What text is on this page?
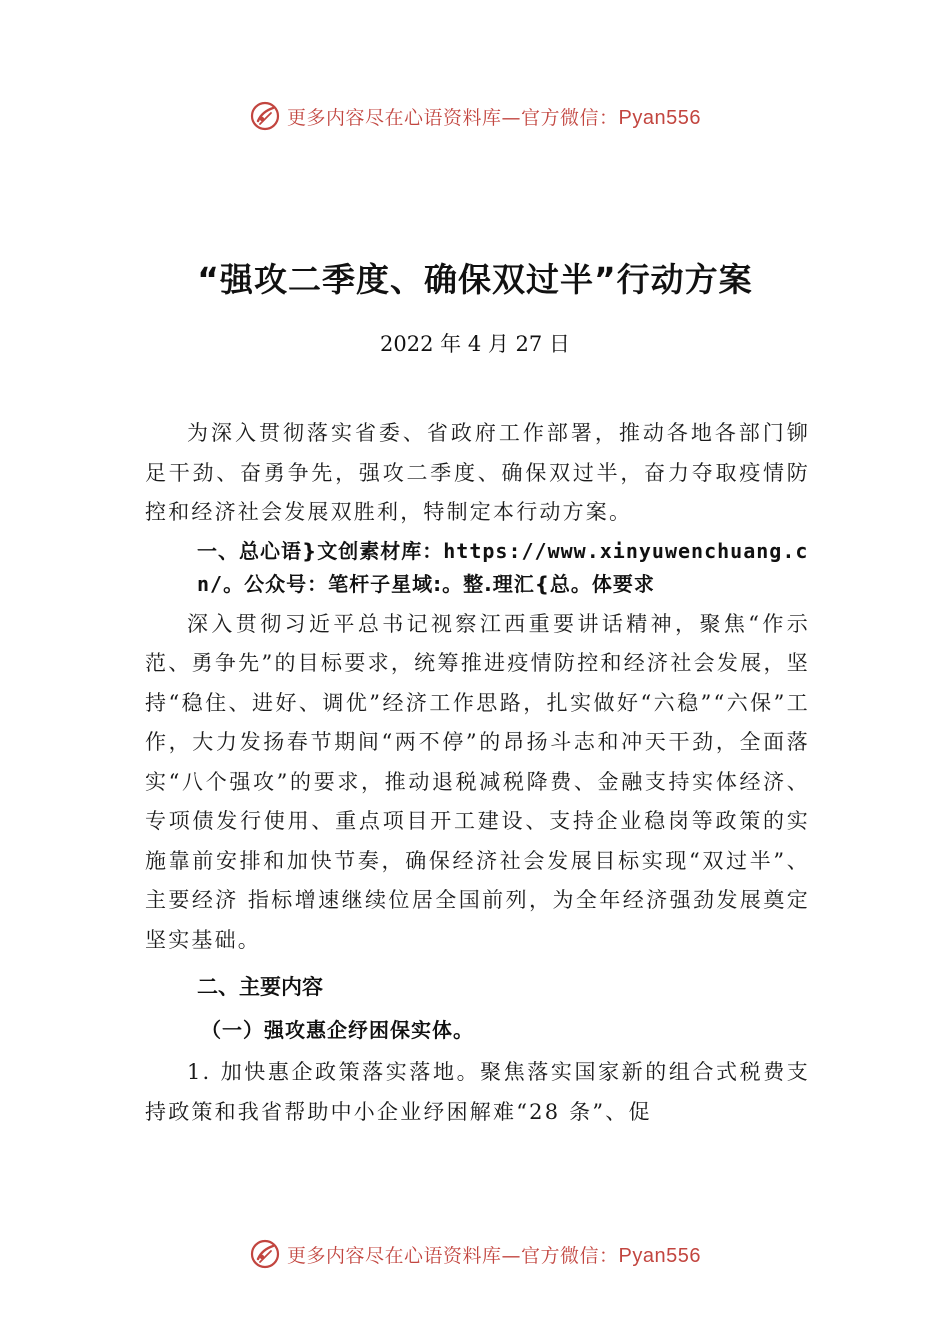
更多内容尽在心语资料库—官方微信：Pyan556
“强攻二季度、确保双过半”行动方案
2022 年 4 月 27 日

为深入贯彻落实省委、省政府工作部署，推动各地各部门铆足干劲、奋勇争先，强攻二季度、确保双过半，奋力夺取疫情防控和经济社会发展双胜利，特制定本行动方案。

一、总心语}文创素材库：https://www.xinyuwenchuang.cn/。公众号：笔杆子星域:。整.理汇{总。体要求

深入贯彻习近平总书记视察江西重要讲话精神，聚焦“作示范、勇争先”的目标要求，统筹推进疫情防控和经济社会发展，坚持“稳住、进好、调优”经济工作思路，扎实做好“六稳”“六保”工作，大力发扬春节期间“两不停”的昂扬斗志和冲天干劲，全面落实“八个强攻”的要求，推动退税减税降费、金融支持实体经济、专项债发行使用、重点项目开工建设、支持企业稳岗等政策的实施靠前安排和加快节奏，确保经济社会发展目标实现“双过半”、主要经济 指标增速继续位居全国前列，为全年经济强劲发展奠定坚实基础。

二、主要内容

（一）强攻惠企纾困保实体。

1. 加快惠企政策落实落地。聚焦落实国家新的组合式税费支持政策和我省帮助中小企业纾困解难“28 条”、促

更多内容尽在心语资料库—官方微信：Pyan556
